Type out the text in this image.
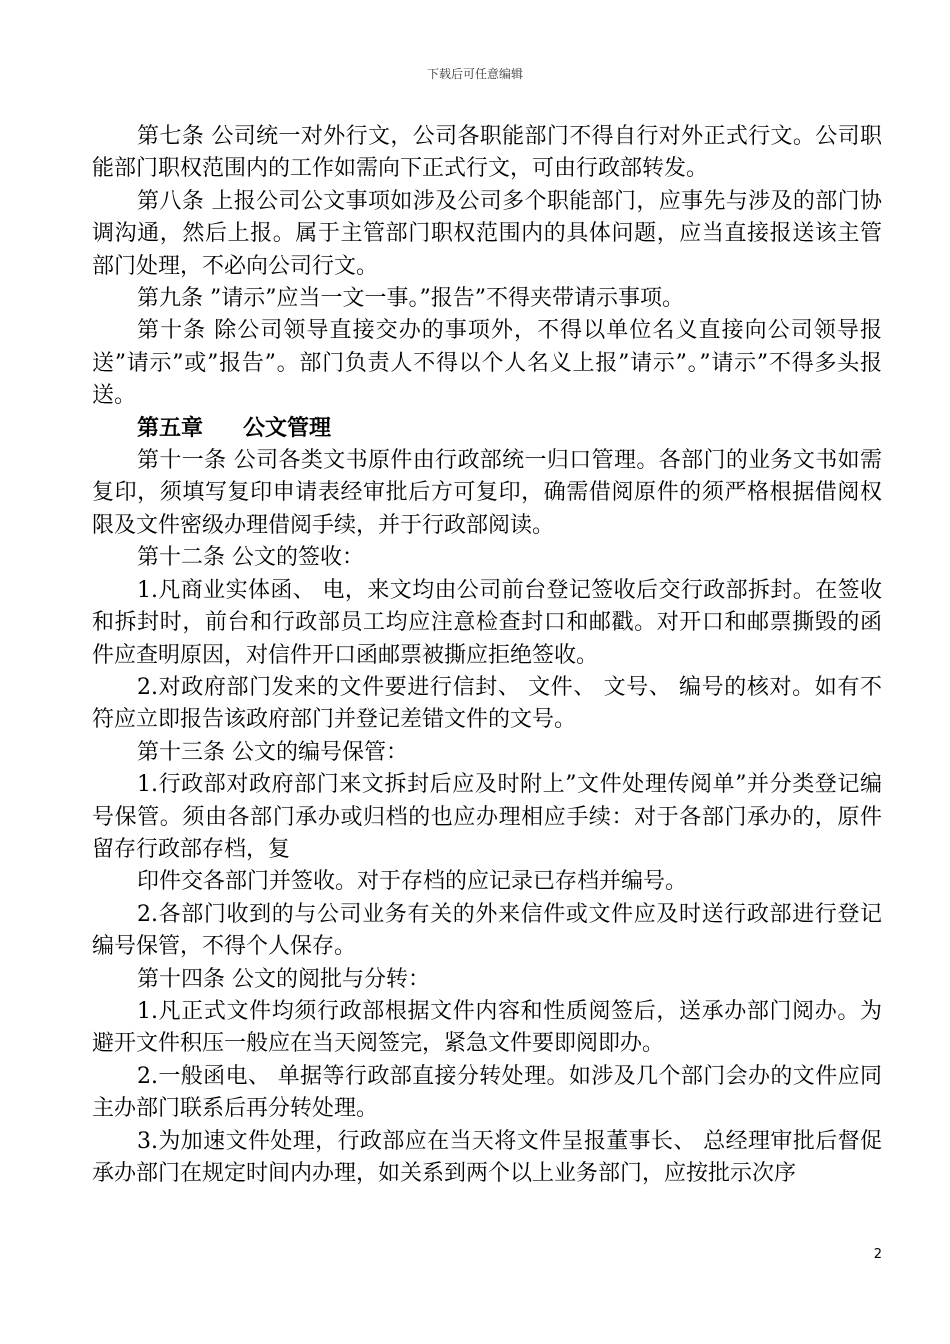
下载后可任意编辑

第七条 公司统一对外行文，公司各职能部门不得自行对外正式行文。公司职能部门职权范围内的工作如需向下正式行文，可由行政部转发。

第八条 上报公司公文事项如涉及公司多个职能部门，应事先与涉及的部门协调沟通，然后上报。属于主管部门职权范围内的具体问题，应当直接报送该主管部门处理，不必向公司行文。

第九条 ”请示”应当一文一事。”报告”不得夹带请示事项。

第十条 除公司领导直接交办的事项外，不得以单位名义直接向公司领导报送”请示”或”报告”。部门负责人不得以个人名义上报”请示”。”请示”不得多头报送。

第五章 公文管理

第十一条 公司各类文书原件由行政部统一归口管理。各部门的业务文书如需复印，须填写复印申请表经审批后方可复印，确需借阅原件的须严格根据借阅权限及文件密级办理借阅手续，并于行政部阅读。

第十二条 公文的签收：

1.凡商业实体函、 电，来文均由公司前台登记签收后交行政部拆封。在签收和拆封时，前台和行政部员工均应注意检查封口和邮戳。对开口和邮票撕毁的函件应查明原因，对信件开口函邮票被撕应拒绝签收。

2.对政府部门发来的文件要进行信封、 文件、 文号、 编号的核对。如有不符应立即报告该政府部门并登记差错文件的文号。

第十三条 公文的编号保管：

1.行政部对政府部门来文拆封后应及时附上”文件处理传阅单”并分类登记编号保管。须由各部门承办或归档的也应办理相应手续：对于各部门承办的，原件留存行政部存档，复

印件交各部门并签收。对于存档的应记录已存档并编号。

2.各部门收到的与公司业务有关的外来信件或文件应及时送行政部进行登记编号保管，不得个人保存。

第十四条 公文的阅批与分转：

1.凡正式文件均须行政部根据文件内容和性质阅签后，送承办部门阅办。为避开文件积压一般应在当天阅签完，紧急文件要即阅即办。

2.一般函电、 单据等行政部直接分转处理。如涉及几个部门会办的文件应同主办部门联系后再分转处理。

3.为加速文件处理，行政部应在当天将文件呈报董事长、 总经理审批后督促承办部门在规定时间内办理，如关系到两个以上业务部门，应按批示次序

2
